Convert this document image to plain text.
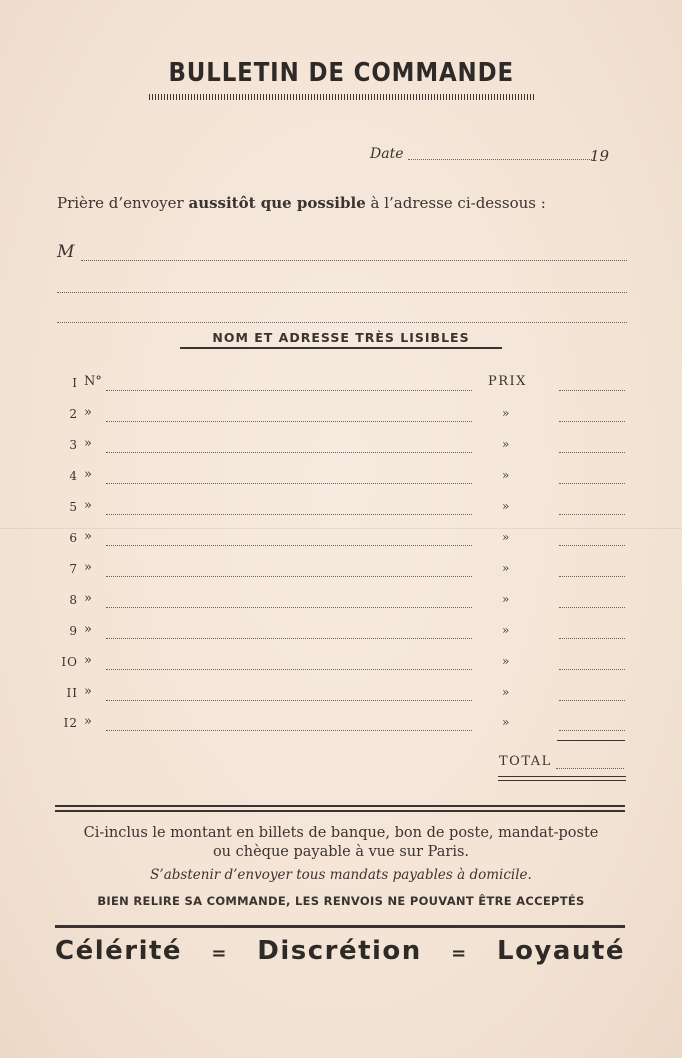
BULLETIN DE COMMANDE
Date	19
Prière d’envoyer aussitôt que possible à l’adresse ci-dessous :
M
NOM ET ADRESSE TRÈS LISIBLES
I N°	PRIX
2 »	»
3 »	»
4 »	»
5 »	»
6 »	»
7 »	»
8 »	»
9 »	»
IO »	»
II »	»
I2 »	»
TOTAL
Ci-inclus le montant en billets de banque, bon de poste, mandat-poste
ou chèque payable à vue sur Paris.
S’abstenir d’envoyer tous mandats payables à domicile.
BIEN RELIRE SA COMMANDE, LES RENVOIS NE POUVANT ÊTRE ACCEPTÉS
Célérité = Discrétion = Loyauté
